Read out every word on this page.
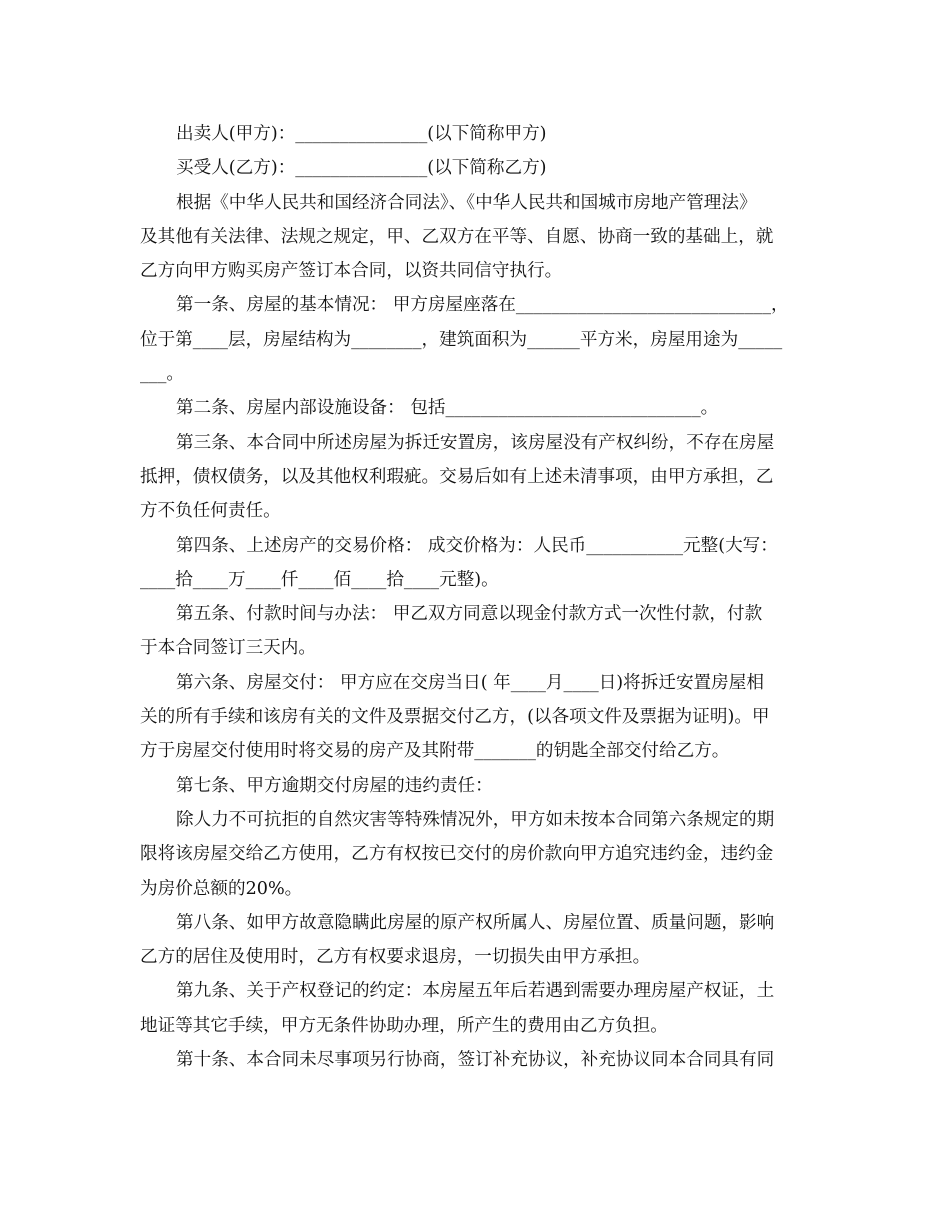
出卖人(甲方)：_______________(以下简称甲方)
买受人(乙方)：_______________(以下简称乙方)
根据《中华人民共和国经济合同法》、《中华人民共和国城市房地产管理法》
及其他有关法律、法规之规定，甲、乙双方在平等、自愿、协商一致的基础上，就
乙方向甲方购买房产签订本合同，以资共同信守执行。
第一条、房屋的基本情况： 甲方房屋座落在_____________________________，
位于第____层，房屋结构为________，建筑面积为______平方米，房屋用途为_____
___。
第二条、房屋内部设施设备： 包括_____________________________。
第三条、本合同中所述房屋为拆迁安置房，该房屋没有产权纠纷，不存在房屋
抵押，债权债务，以及其他权利瑕疵。交易后如有上述未清事项，由甲方承担，乙
方不负任何责任。
第四条、上述房产的交易价格： 成交价格为：人民币___________元整(大写：
____拾____万____仟____佰____拾____元整)。
第五条、付款时间与办法： 甲乙双方同意以现金付款方式一次性付款，付款
于本合同签订三天内。
第六条、房屋交付： 甲方应在交房当日( 年____月____日)将拆迁安置房屋相
关的所有手续和该房有关的文件及票据交付乙方，(以各项文件及票据为证明)。甲
方于房屋交付使用时将交易的房产及其附带_______的钥匙全部交付给乙方。
第七条、甲方逾期交付房屋的违约责任：
除人力不可抗拒的自然灾害等特殊情况外，甲方如未按本合同第六条规定的期
限将该房屋交给乙方使用，乙方有权按已交付的房价款向甲方追究违约金，违约金
为房价总额的20%。
第八条、如甲方故意隐瞒此房屋的原产权所属人、房屋位置、质量问题，影响
乙方的居住及使用时，乙方有权要求退房，一切损失由甲方承担。
第九条、关于产权登记的约定：本房屋五年后若遇到需要办理房屋产权证，土
地证等其它手续，甲方无条件协助办理，所产生的费用由乙方负担。
第十条、本合同未尽事项另行协商，签订补充协议，补充协议同本合同具有同
